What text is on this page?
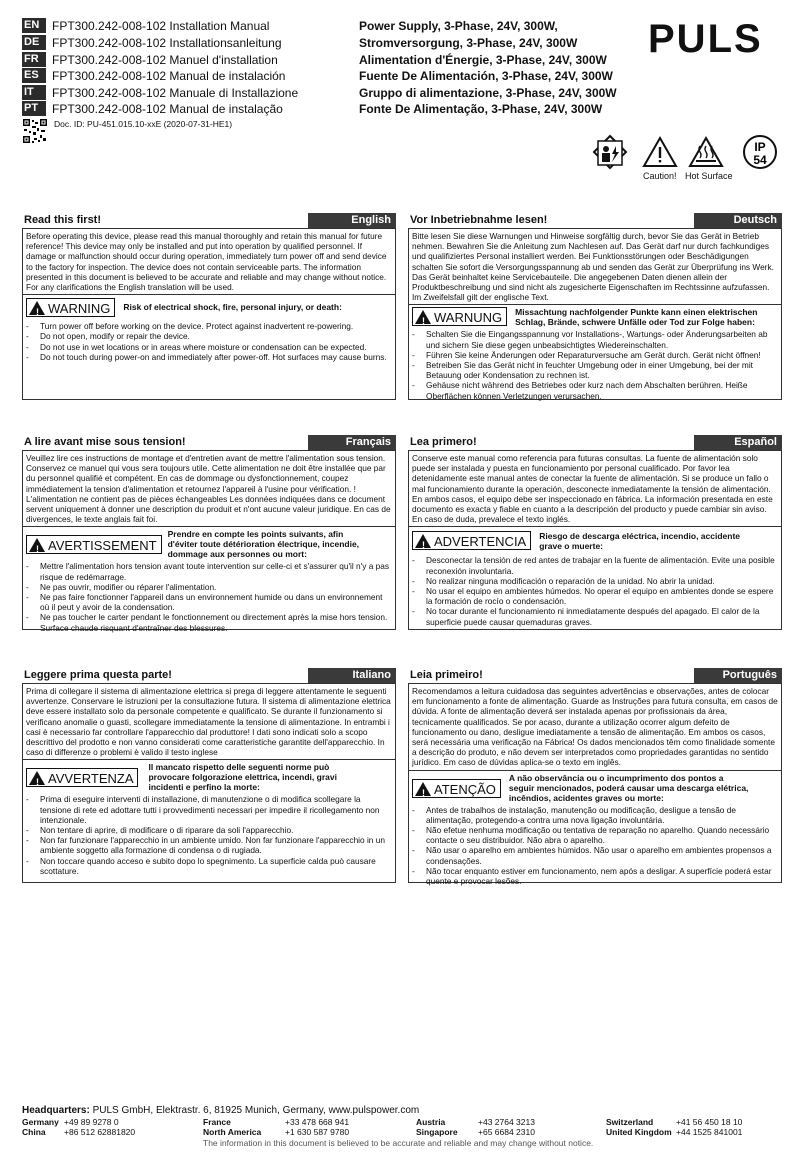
EN	FPT300.242-008-102 Installation Manual	Power Supply, 3-Phase, 24V, 300W,
DE	FPT300.242-008-102 Installationsanleitung	Stromversorgung, 3-Phase, 24V, 300W
FR	FPT300.242-008-102 Manuel d'installation	Alimentation d'Énergie, 3-Phase, 24V, 300W
ES	FPT300.242-008-102 Manual de instalación	Fuente De Alimentación, 3-Phase, 24V, 300W
IT	FPT300.242-008-102 Manuale di Installazione	Gruppo di alimentazione, 3-Phase, 24V, 300W
PT	FPT300.242-008-102 Manual de instalação	Fonte De Alimentação, 3-Phase, 24V, 300W
Doc. ID: PU-451.015.10-xxE (2020-07-31-HE1)
PULS
IP
54
Caution! Hot Surface
Read this first!	English
Before operating this device, please read this manual thoroughly and retain this manual for future reference! This device may only be installed and put into operation by qualified personnel. If damage or malfunction should occur during operation, immediately turn power off and send device to the factory for inspection. The device does not contain serviceable parts. The information presented in this document is believed to be accurate and reliable and may change without notice. For any clarifications the English translation will be used.
! WARNING Risk of electrical shock, fire, personal injury, or death:
- Turn power off before working on the device. Protect against inadvertent re-powering.
- Do not open, modify or repair the device.
- Do not use in wet locations or in areas where moisture or condensation can be expected.
- Do not touch during power-on and immediately after power-off. Hot surfaces may cause burns.
Vor Inbetriebnahme lesen!	Deutsch
Bitte lesen Sie diese Warnungen und Hinweise sorgfältig durch, bevor Sie das Gerät in Betrieb nehmen. Bewahren Sie die Anleitung zum Nachlesen auf. Das Gerät darf nur durch fachkundiges und qualifiziertes Personal installiert werden. Bei Funktionsstörungen oder Beschädigungen schalten Sie sofort die Versorgungsspannung ab und senden das Gerät zur Überprüfung ins Werk. Das Gerät beinhaltet keine Servicebauteile. Die angegebenen Daten dienen allein der Produktbeschreibung und sind nicht als zugesicherte Eigenschaften im Rechtssinne aufzufassen. Im Zweifelsfall gilt der englische Text.
! WARNUNG Missachtung nachfolgender Punkte kann einen elektrischen Schlag, Brände, schwere Unfälle oder Tod zur Folge haben:
- Schalten Sie die Eingangsspannung vor Installations-, Wartungs- oder Änderungsarbeiten ab und sichern Sie diese gegen unbeabsichtigtes Wiedereinschalten.
- Führen Sie keine Änderungen oder Reparaturversuche am Gerät durch. Gerät nicht öffnen!
- Betreiben Sie das Gerät nicht in feuchter Umgebung oder in einer Umgebung, bei der mit Betauung oder Kondensation zu rechnen ist.
- Gehäuse nicht während des Betriebes oder kurz nach dem Abschalten berühren. Heiße Oberflächen können Verletzungen verursachen.
A lire avant mise sous tension!	Français
Veuillez lire ces instructions de montage et d'entretien avant de mettre l'alimentation sous tension. Conservez ce manuel qui vous sera toujours utile. Cette alimentation ne doit être installée que par du personnel qualifié et compétent. En cas de dommage ou dysfonctionnement, coupez immédiatement la tension d'alimentation et retournez l'appareil à l'usine pour vérification. ! L'alimentation ne contient pas de pièces échangeables Les données indiquées dans ce document servent uniquement à donner une description du produit et n'ont aucune valeur juridique. En cas de divergences, le texte anglais fait foi.
! AVERTISSEMENTPrendre en compte les points suivants, afin d'éviter toute détérioration électrique, incendie, dommage aux personnes ou mort:
- Mettre l'alimentation hors tension avant toute intervention sur celle-ci et s'assurer qu'il n'y a pas risque de redémarrage.
- Ne pas ouvrir, modifier ou réparer l'alimentation.
- Ne pas faire fonctionner l'appareil dans un environnement humide ou dans un environnement où il peut y avoir de la condensation.
- Ne pas toucher le carter pendant le fonctionnement ou directement après la mise hors tension. Surface chaude risquant d'entraîner des blessures.
Lea primero!	Español
Conserve este manual como referencia para futuras consultas. La fuente de alimentación solo puede ser instalada y puesta en funcionamiento por personal cualificado. Por favor lea detenidamente este manual antes de conectar la fuente de alimentación. Si se produce un fallo o mal funcionamiento durante la operación, desconecte inmediatamente la tensión de alimentación. En ambos casos, el equipo debe ser inspeccionado en fábrica. La información presentada en este documento es exacta y fiable en cuanto a la descripción del producto y puede cambiar sin aviso. En caso de duda, prevalece el texto inglés.
! ADVERTENCIA Riesgo de descarga eléctrica, incendio, accidente grave o muerte:
- Desconectar la tensión de red antes de trabajar en la fuente de alimentación. Evite una posible reconexión involuntaria.
- No realizar ninguna modificación o reparación de la unidad. No abrir la unidad.
- No usar el equipo en ambientes húmedos. No operar el equipo en ambientes donde se espere la formación de rocío o condensación.
- No tocar durante el funcionamiento ni inmediatamente después del apagado. El calor de la superficie puede causar quemaduras graves.
Leggere prima questa parte!	Italiano
Prima di collegare il sistema di alimentazione elettrica si prega di leggere attentamente le seguenti avvertenze. Conservare le istruzioni per la consultazione futura. Il sistema di alimentazione elettrica deve essere installato solo da personale competente e qualificato. Se durante il funzionamento si verificano anomalie o guasti, scollegare immediatamente la tensione di alimentazione. In entrambi i casi è necessario far controllare l'apparecchio dal produttore! I dati sono indicati solo a scopo descrittivo del prodotto e non vanno considerati come caratteristiche garantite dell'apparecchio. In caso di differenze o problemi è valido il testo inglese
! AVVERTENZAIl mancato rispetto delle seguenti norme può provocare folgorazione elettrica, incendi, gravi incidenti e perfino la morte:
- Prima di eseguire interventi di installazione, di manutenzione o di modifica scollegare la tensione di rete ed adottare tutti i provvedimenti necessari per impedire il ricollegamento non intenzionale.
- Non tentare di aprire, di modificare o di riparare da soli l'apparecchio.
- Non far funzionare l'apparecchio in un ambiente umido. Non far funzionare l'apparecchio in un ambiente soggetto alla formazione di condensa o di rugiada.
- Non toccare quando acceso e subito dopo lo spegnimento. La superficie calda può causare scottature.
Leia primeiro!	Português
Recomendamos a leitura cuidadosa das seguintes advertências e observações, antes de colocar em funcionamento a fonte de alimentação. Guarde as Instruções para futura consulta, em casos de dúvida. A fonte de alimentação deverá ser instalada apenas por profissionais da área, tecnicamente qualificados. Se por acaso, durante a utilização ocorrer algum defeito de funcionamento ou dano, desligue imediatamente a tensão de alimentação. Em ambos os casos, será necessária uma verificação na Fábrica! Os dados mencionados têm como finalidade somente a descrição do produto, e não devem ser interpretados como propriedades garantidas no sentido jurídico. Em caso de dúvidas aplica-se o texto em inglês.
! ATENÇÃOA não observância ou o incumprimento dos pontos a seguir mencionados, poderá causar uma descarga elétrica, incêndios, acidentes graves ou morte:
- Antes de trabalhos de instalação, manutenção ou modificação, desligue a tensão de alimentação, protegendo-a contra uma nova ligação involuntária.
- Não efetue nenhuma modificação ou tentativa de reparação no aparelho. Quando necessário contacte o seu distribuidor. Não abra o aparelho.
- Não usar o aparelho em ambientes húmidos. Não usar o aparelho em ambientes propensos a condensações.
- Não tocar enquanto estiver em funcionamento, nem após a desligar. A superfície poderá estar quente e provocar lesões.
Headquarters: PULS GmbH, Elektrastr. 6, 81925 Munich, Germany, www.pulspower.com
Germany +49 89 9278 0
China +86 512 62881820
France	+33 478 668 941
North America	+1 630 587 9780
Austria	+43 2764 3213
Singapore +65 6684 2310
Switzerland	+41 56 450 18 10
United Kingdom +44 1525 841001
The information in this document is believed to be accurate and reliable and may change without notice.
